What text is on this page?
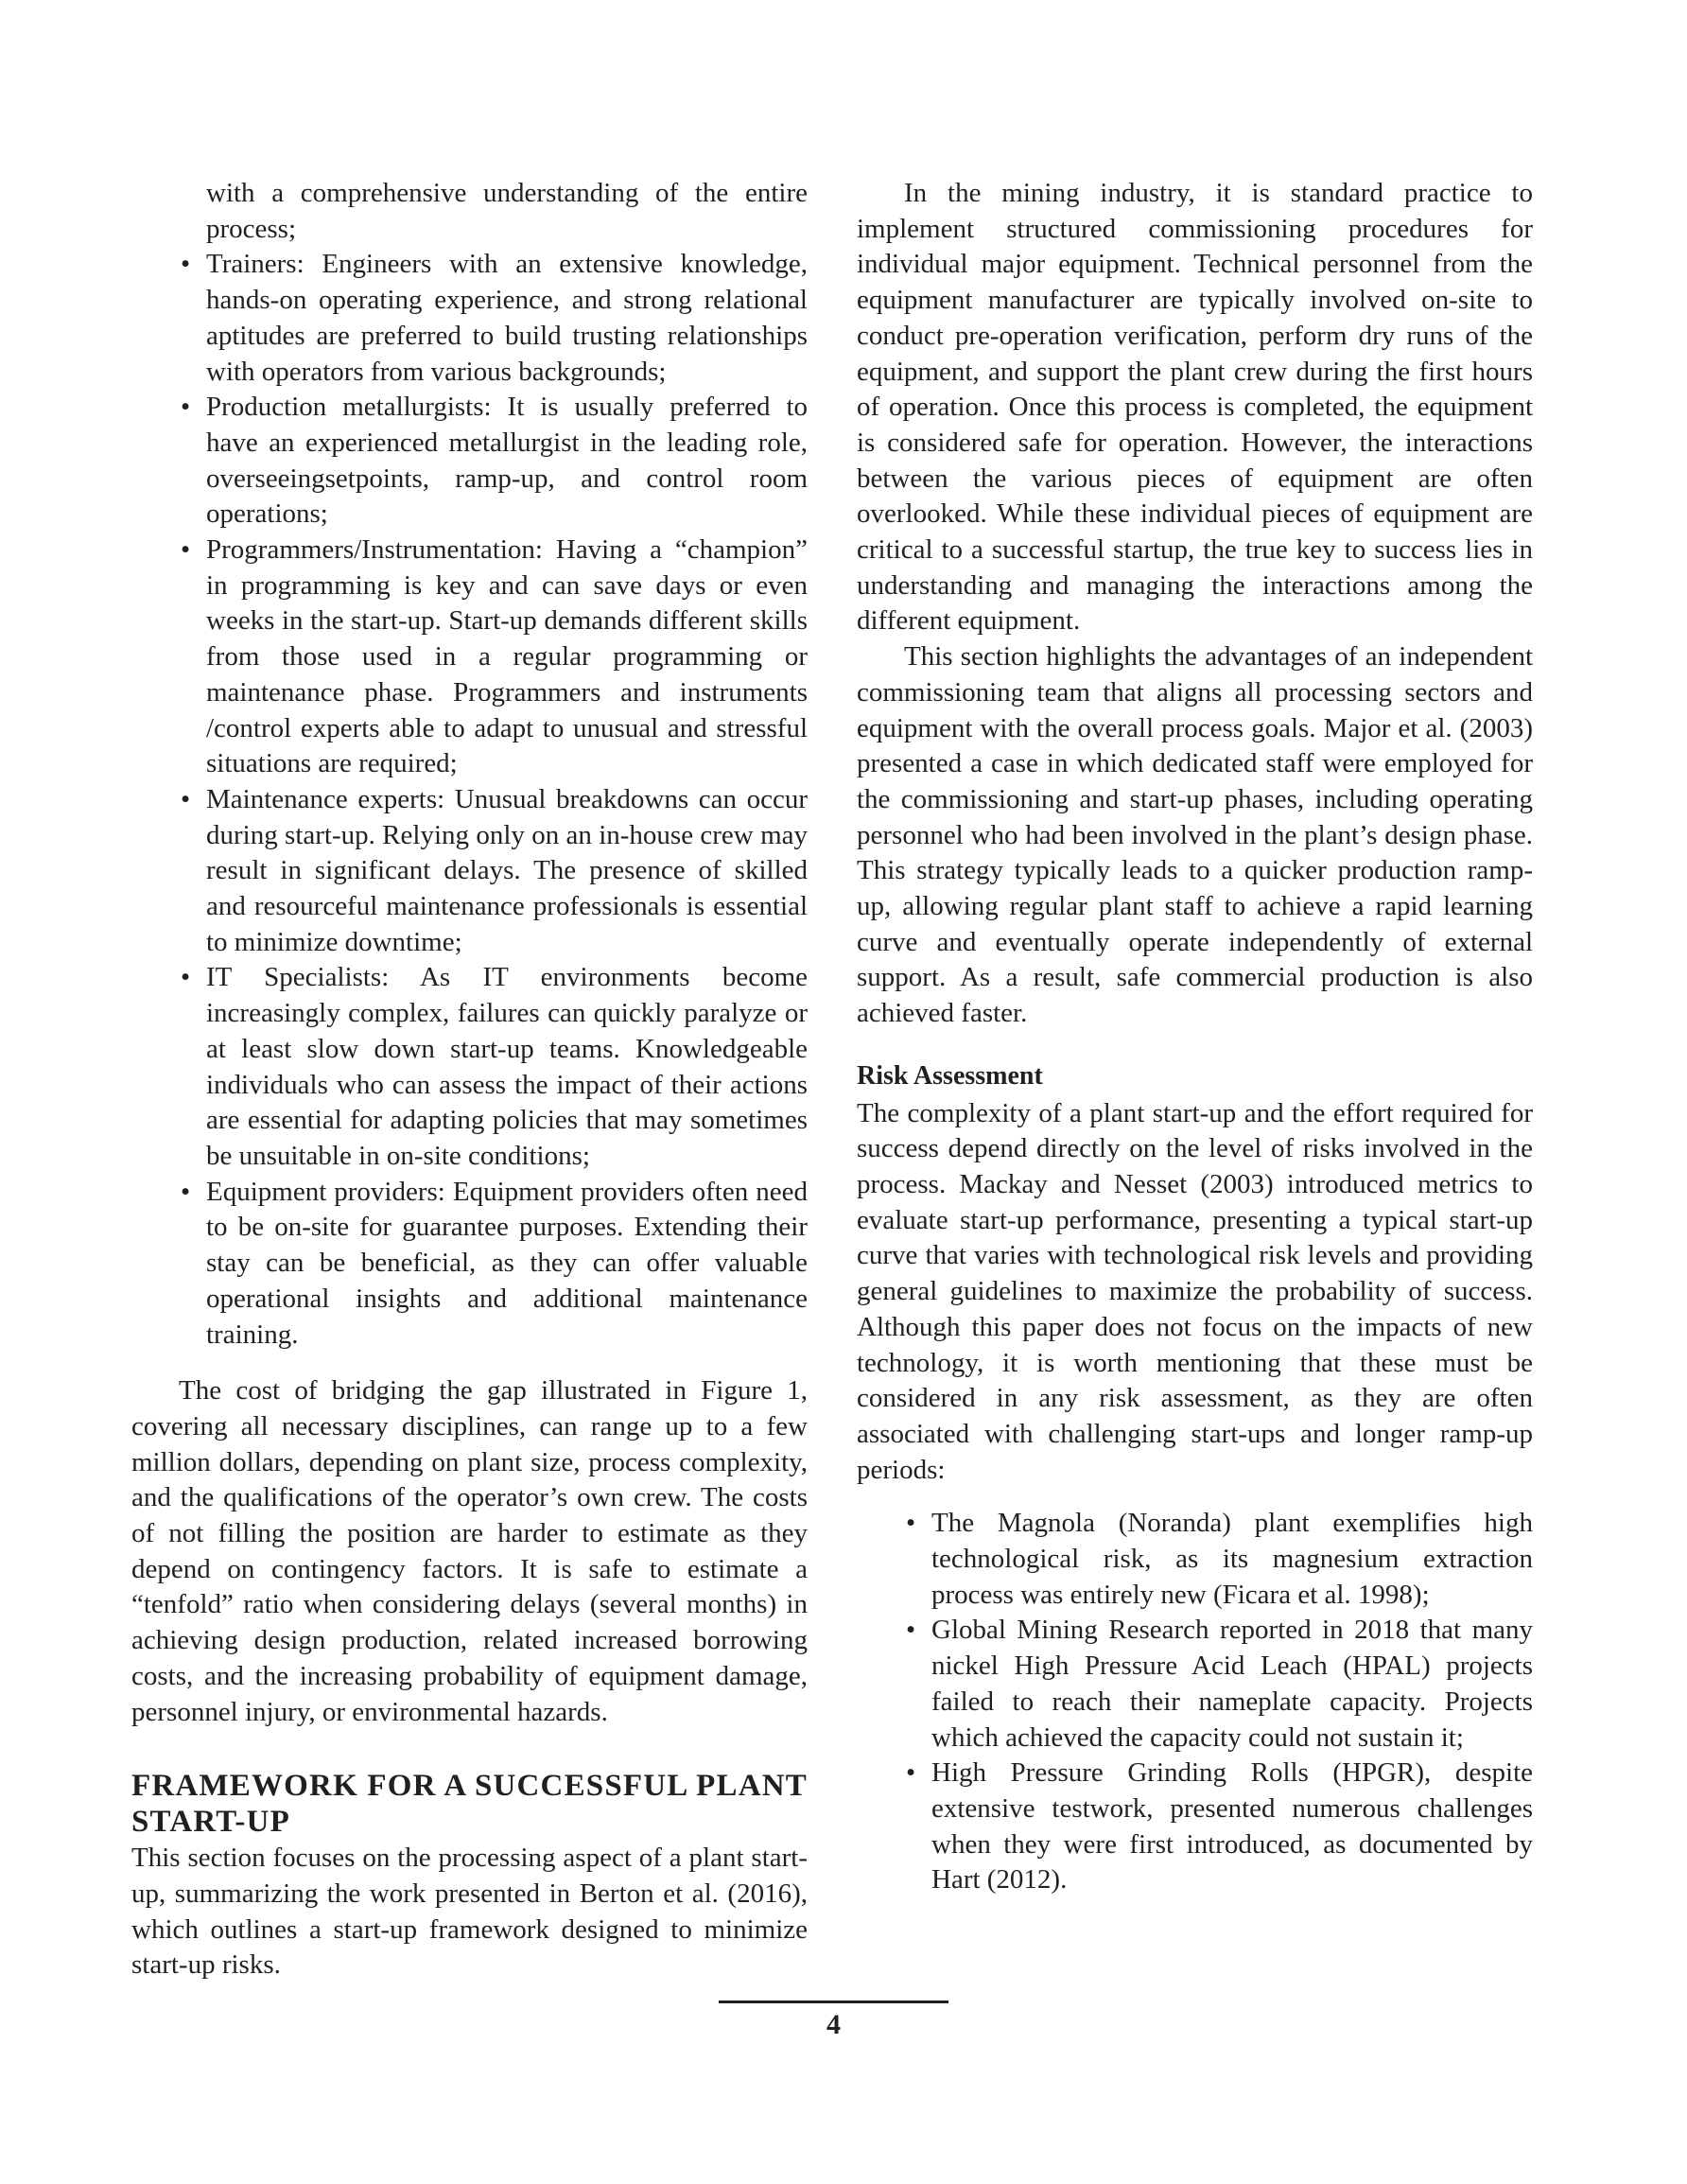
with a comprehensive understanding of the entire process;

• Trainers: Engineers with an extensive knowledge, hands-on operating experience, and strong relational aptitudes are preferred to build trusting relationships with operators from various backgrounds;
• Production metallurgists: It is usually preferred to have an experienced metallurgist in the leading role, overseeingsetpoints, ramp-up, and control room operations;
• Programmers/Instrumentation: Having a “champion” in programming is key and can save days or even weeks in the start-up. Start-up demands different skills from those used in a regular programming or maintenance phase. Programmers and instruments /control experts able to adapt to unusual and stressful situations are required;
• Maintenance experts: Unusual breakdowns can occur during start-up. Relying only on an in-house crew may result in significant delays. The presence of skilled and resourceful maintenance professionals is essential to minimize downtime;
• IT Specialists: As IT environments become increasingly complex, failures can quickly paralyze or at least slow down start-up teams. Knowledgeable individuals who can assess the impact of their actions are essential for adapting policies that may sometimes be unsuitable in on-site conditions;
• Equipment providers: Equipment providers often need to be on-site for guarantee purposes. Extending their stay can be beneficial, as they can offer valuable operational insights and additional maintenance training.

The cost of bridging the gap illustrated in Figure 1, covering all necessary disciplines, can range up to a few million dollars, depending on plant size, process complexity, and the qualifications of the operator’s own crew. The costs of not filling the position are harder to estimate as they depend on contingency factors. It is safe to estimate a “tenfold” ratio when considering delays (several months) in achieving design production, related increased borrowing costs, and the increasing probability of equipment damage, personnel injury, or environmental hazards.

FRAMEWORK FOR A SUCCESSFUL PLANT START-UP

This section focuses on the processing aspect of a plant start-up, summarizing the work presented in Berton et al. (2016), which outlines a start-up framework designed to minimize start-up risks.

In the mining industry, it is standard practice to implement structured commissioning procedures for individual major equipment. Technical personnel from the equipment manufacturer are typically involved on-site to conduct pre-operation verification, perform dry runs of the equipment, and support the plant crew during the first hours of operation. Once this process is completed, the equipment is considered safe for operation. However, the interactions between the various pieces of equipment are often overlooked. While these individual pieces of equipment are critical to a successful startup, the true key to success lies in understanding and managing the interactions among the different equipment.

This section highlights the advantages of an independent commissioning team that aligns all processing sectors and equipment with the overall process goals. Major et al. (2003) presented a case in which dedicated staff were employed for the commissioning and start-up phases, including operating personnel who had been involved in the plant’s design phase. This strategy typically leads to a quicker production ramp-up, allowing regular plant staff to achieve a rapid learning curve and eventually operate independently of external support. As a result, safe commercial production is also achieved faster.

Risk Assessment

The complexity of a plant start-up and the effort required for success depend directly on the level of risks involved in the process. Mackay and Nesset (2003) introduced metrics to evaluate start-up performance, presenting a typical start-up curve that varies with technological risk levels and providing general guidelines to maximize the probability of success. Although this paper does not focus on the impacts of new technology, it is worth mentioning that these must be considered in any risk assessment, as they are often associated with challenging start-ups and longer ramp-up periods:

• The Magnola (Noranda) plant exemplifies high technological risk, as its magnesium extraction process was entirely new (Ficara et al. 1998);
• Global Mining Research reported in 2018 that many nickel High Pressure Acid Leach (HPAL) projects failed to reach their nameplate capacity. Projects which achieved the capacity could not sustain it;
• High Pressure Grinding Rolls (HPGR), despite extensive testwork, presented numerous challenges when they were first introduced, as documented by Hart (2012).
4
